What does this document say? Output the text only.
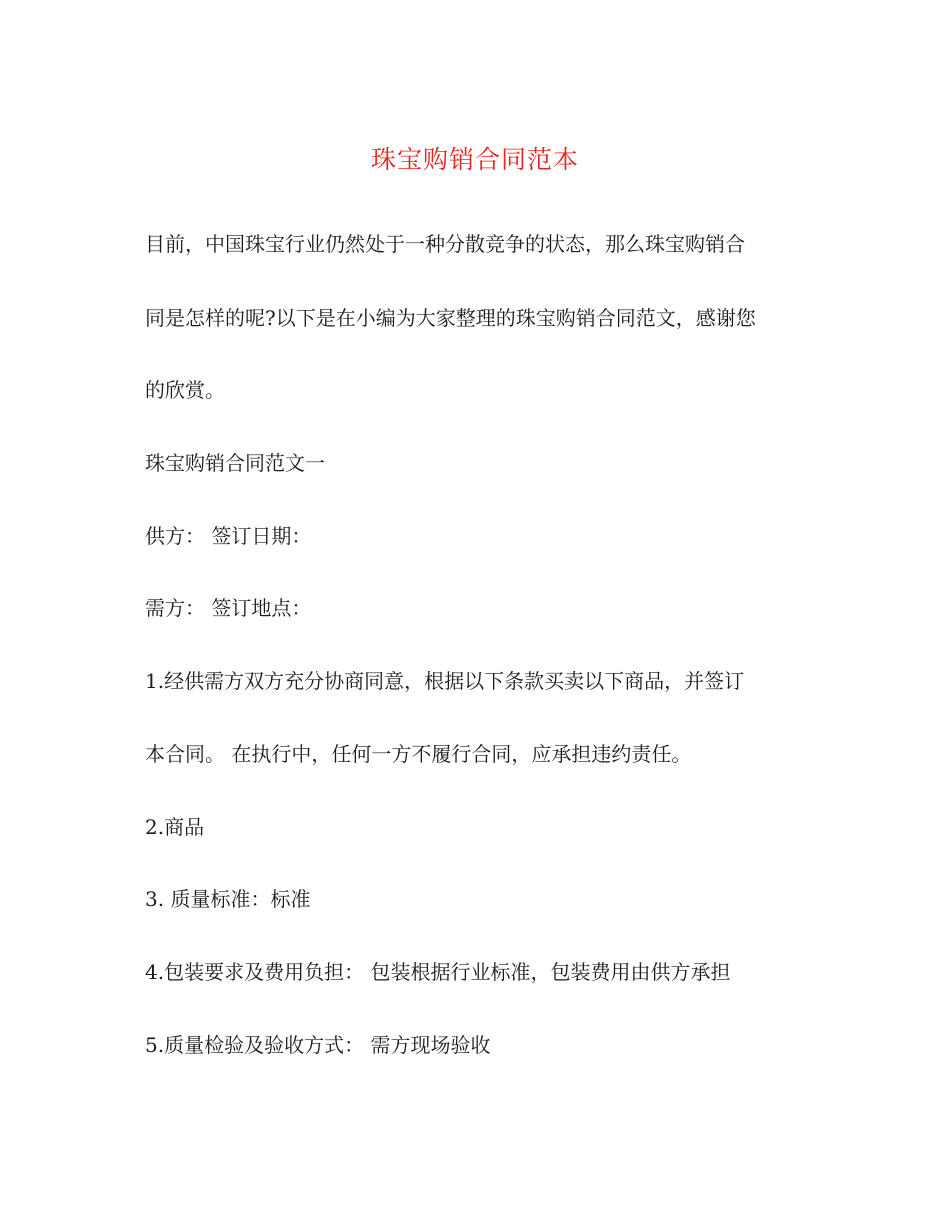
珠宝购销合同范本
目前，中国珠宝行业仍然处于一种分散竞争的状态，那么珠宝购销合
同是怎样的呢?以下是在小编为大家整理的珠宝购销合同范文，感谢您
的欣赏。
珠宝购销合同范文一
供方： 签订日期：
需方： 签订地点：
1.经供需方双方充分协商同意，根据以下条款买卖以下商品，并签订
本合同。 在执行中，任何一方不履行合同，应承担违约责任。
2.商品
3. 质量标准：标准
4.包装要求及费用负担： 包装根据行业标准，包装费用由供方承担
5.质量检验及验收方式： 需方现场验收
